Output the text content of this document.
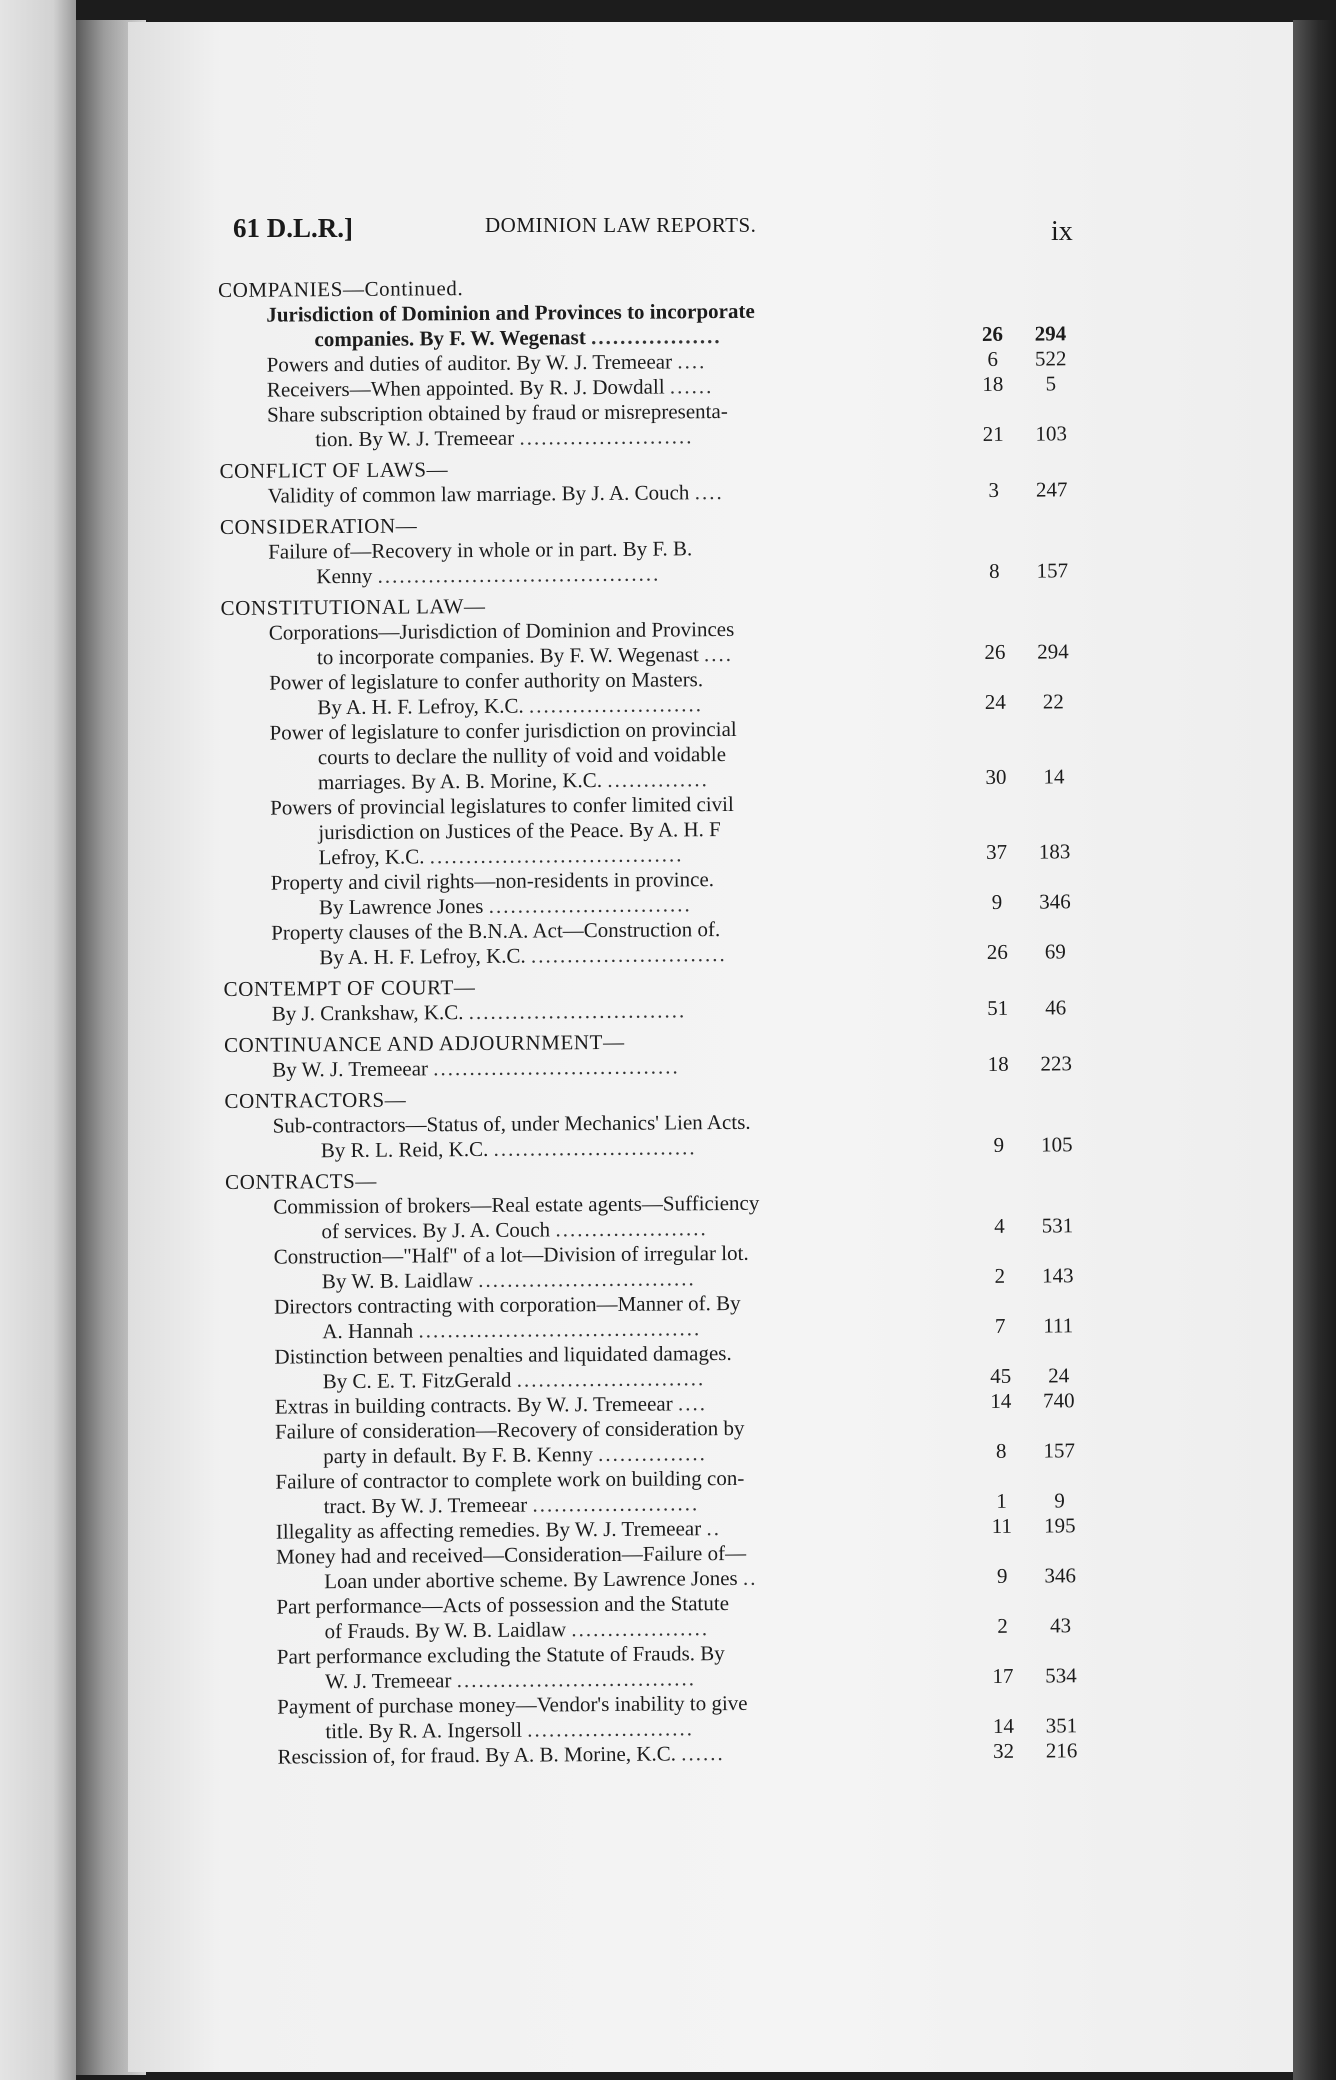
61 D.L.R.]	DOMINION LAW REPORTS.	ix
COMPANIES—Continued.
Jurisdiction of Dominion and Provinces to incorporate
companies. By F. W. Wegenast ..................	26	294
Powers and duties of auditor. By W. J. Tremeear ....	6	522
Receivers—When appointed. By R. J. Dowdall ......	18	5
Share subscription obtained by fraud or misrepresenta-
tion. By W. J. Tremeear ........................	21	103
CONFLICT OF LAWS—
Validity of common law marriage. By J. A. Couch ....	3	247
CONSIDERATION—
Failure of—Recovery in whole or in part. By F. B.
Kenny .......................................	8	157
CONSTITUTIONAL LAW—
Corporations—Jurisdiction of Dominion and Provinces
to incorporate companies. By F. W. Wegenast ....	26	294
Power of legislature to confer authority on Masters.
By A. H. F. Lefroy, K.C. ........................	24	22
Power of legislature to confer jurisdiction on provincial
courts to declare the nullity of void and voidable
marriages. By A. B. Morine, K.C. ..............	30	14
Powers of provincial legislatures to confer limited civil
jurisdiction on Justices of the Peace. By A. H. F
Lefroy, K.C. ...................................	37	183
Property and civil rights—non-residents in province.
By Lawrence Jones ............................	9	346
Property clauses of the B.N.A. Act—Construction of.
By A. H. F. Lefroy, K.C. ...........................	26	69
CONTEMPT OF COURT—
By J. Crankshaw, K.C. ..............................	51	46
CONTINUANCE AND ADJOURNMENT—
By W. J. Tremeear ..................................	18	223
CONTRACTORS—
Sub-contractors—Status of, under Mechanics' Lien Acts.
By R. L. Reid, K.C. ............................	9	105
CONTRACTS—
Commission of brokers—Real estate agents—Sufficiency
of services. By J. A. Couch .....................	4	531
Construction—"Half" of a lot—Division of irregular lot.
By W. B. Laidlaw ..............................	2	143
Directors contracting with corporation—Manner of. By
A. Hannah .......................................	7	111
Distinction between penalties and liquidated damages.
By C. E. T. FitzGerald ..........................	45	24
Extras in building contracts. By W. J. Tremeear ....	14	740
Failure of consideration—Recovery of consideration by
party in default. By F. B. Kenny ...............	8	157
Failure of contractor to complete work on building con-
tract. By W. J. Tremeear .......................	1	9
Illegality as affecting remedies. By W. J. Tremeear ..	11	195
Money had and received—Consideration—Failure of—
Loan under abortive scheme. By Lawrence Jones ..	9	346
Part performance—Acts of possession and the Statute
of Frauds. By W. B. Laidlaw ...................	2	43
Part performance excluding the Statute of Frauds. By
W. J. Tremeear .................................	17	534
Payment of purchase money—Vendor's inability to give
title. By R. A. Ingersoll .......................	14	351
Rescission of, for fraud. By A. B. Morine, K.C. ......	32	216
